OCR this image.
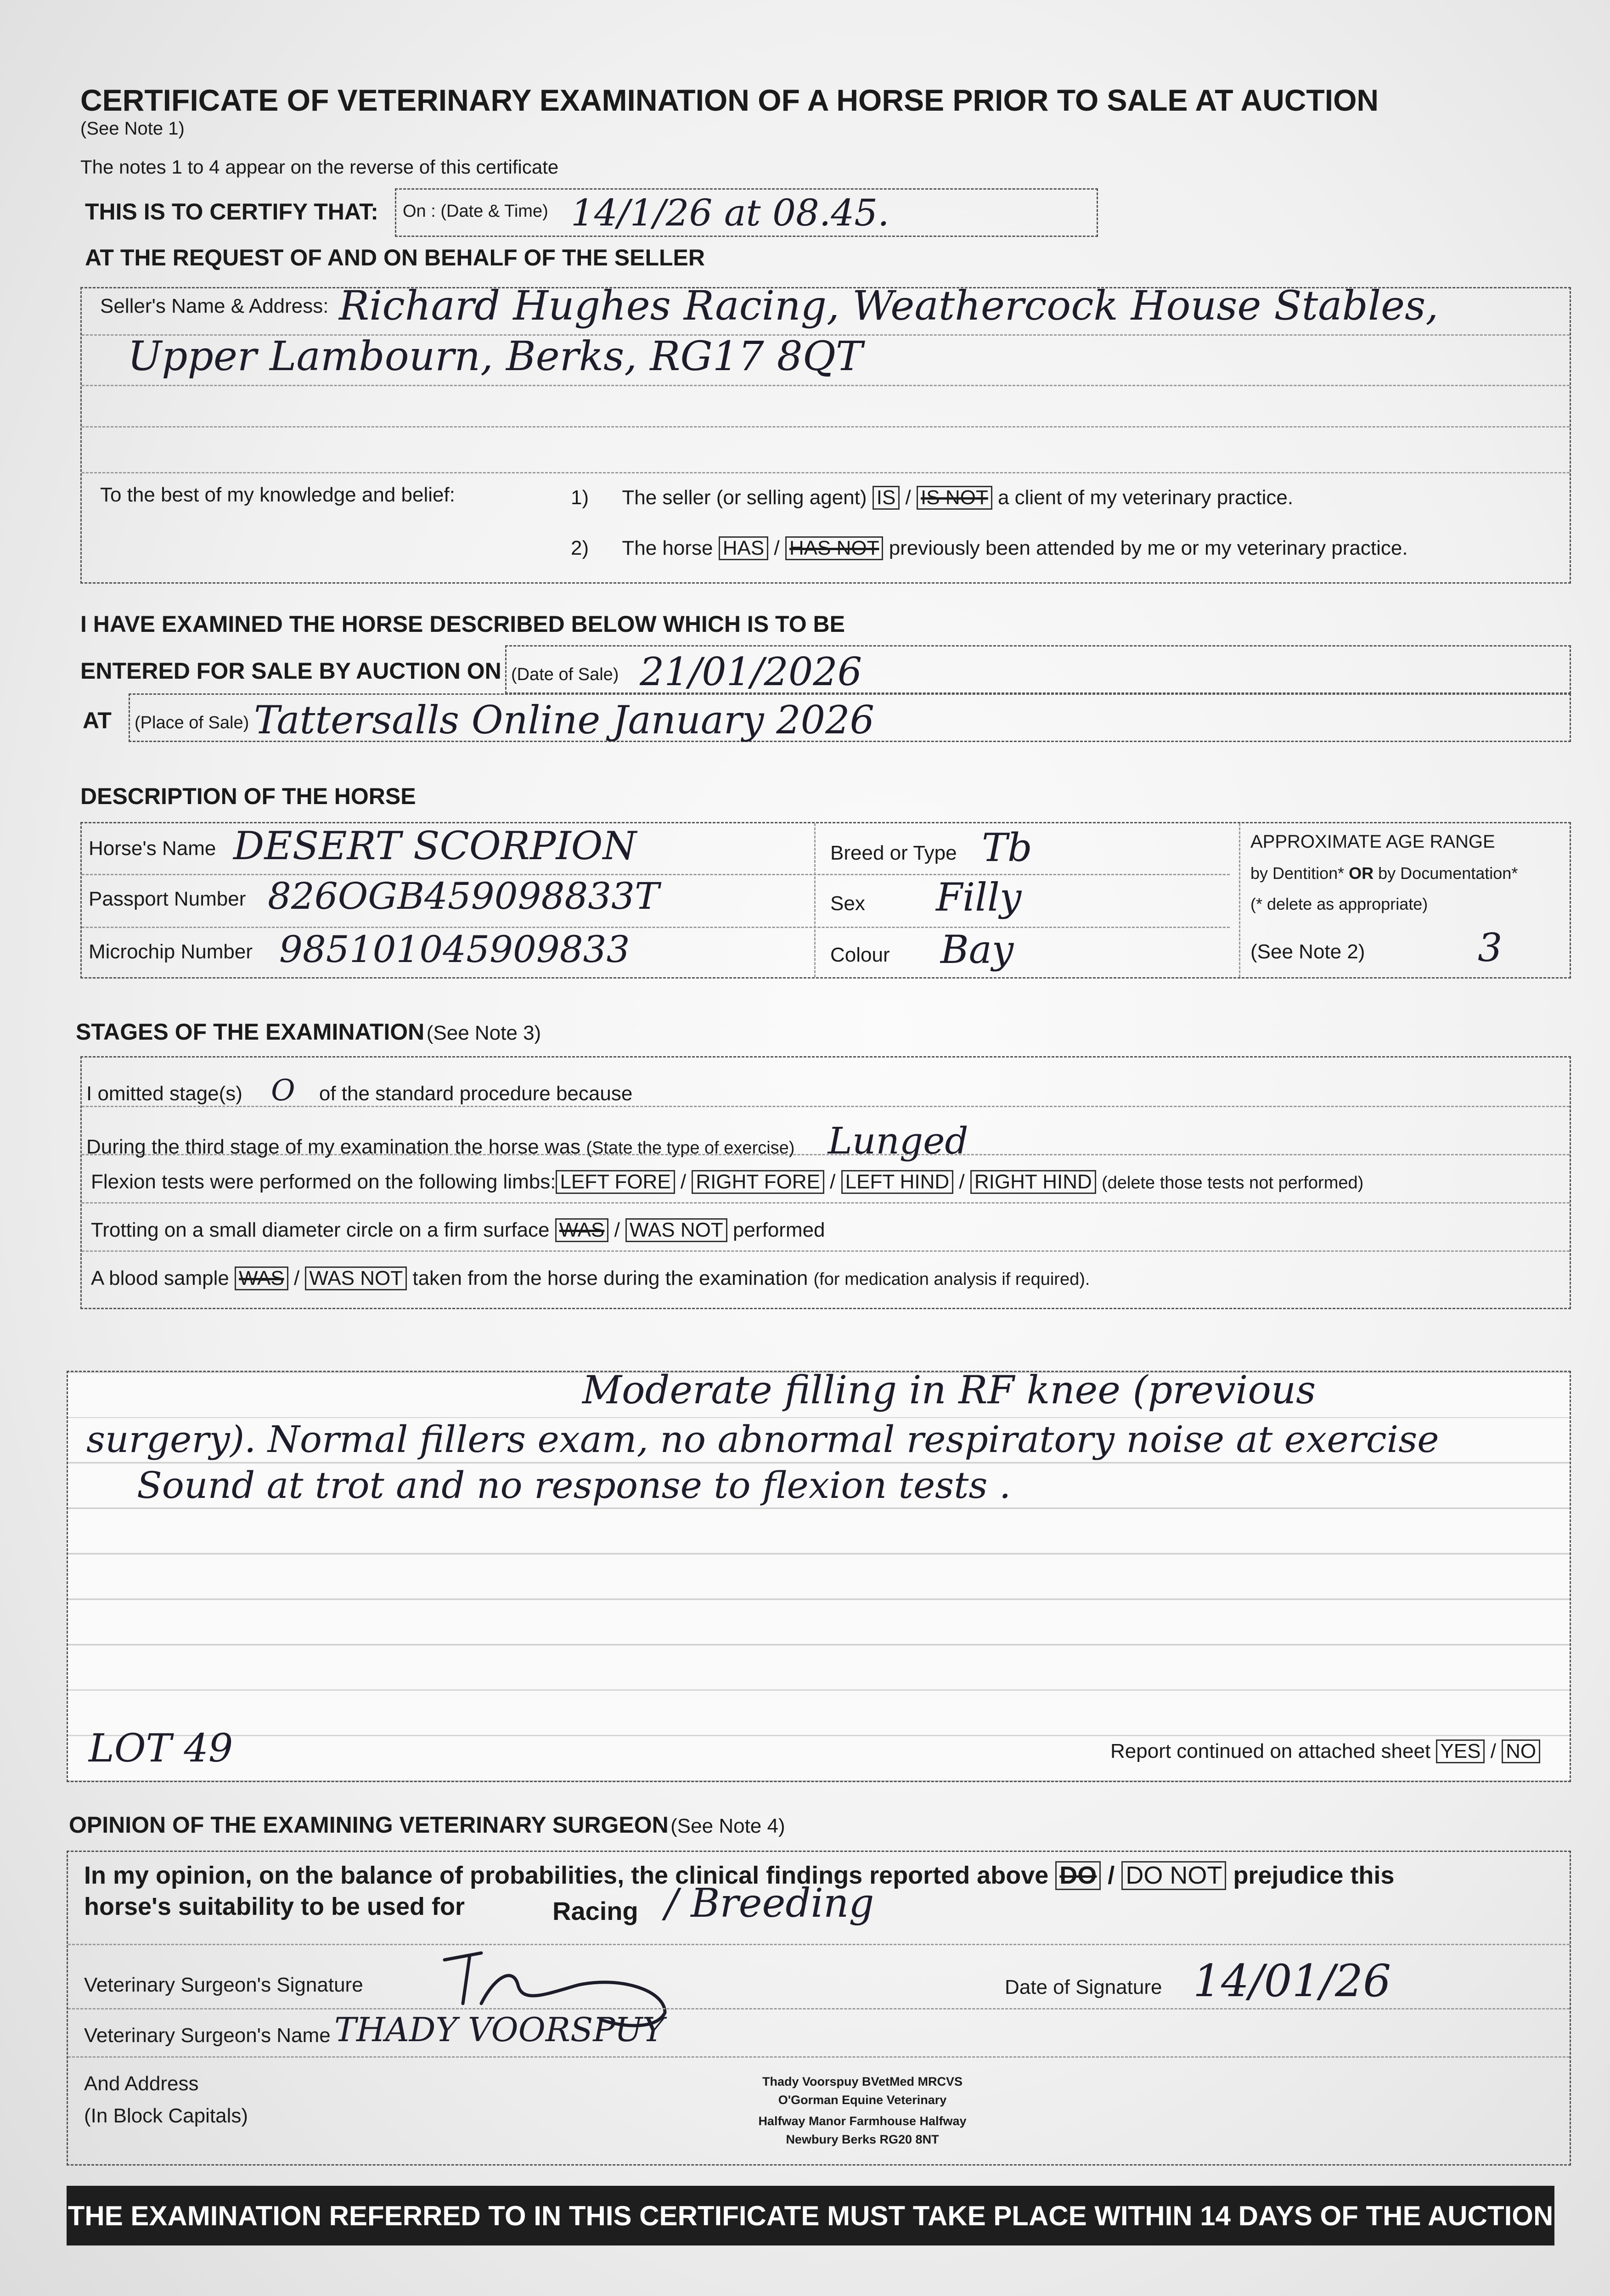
CERTIFICATE OF VETERINARY EXAMINATION OF A HORSE PRIOR TO SALE AT AUCTION
(See Note 1)
The notes 1 to 4 appear on the reverse of this certificate
THIS IS TO CERTIFY THAT: On : (Date & Time) 14/1/26 at 08.45.
AT THE REQUEST OF AND ON BEHALF OF THE SELLER
Seller's Name & Address: Richard Hughes Racing, Weathercock House Stables,
Upper Lambourn, Berks, RG17 8QT
To the best of my knowledge and belief:	1) The seller (or selling agent) IS / IS NOT a client of my veterinary practice.
2) The horse HAS / HAS NOT previously been attended by me or my veterinary practice.
I HAVE EXAMINED THE HORSE DESCRIBED BELOW WHICH IS TO BE
ENTERED FOR SALE BY AUCTION ON (Date of Sale) 21/01/2026
AT (Place of Sale) Tattersalls Online January 2026
DESCRIPTION OF THE HORSE
Horse's Name DESERT SCORPION
Passport Number 826OGB459098833T
Microchip Number 985101045909833
Breed or Type Tb
Sex Filly
Colour Bay
APPROXIMATE AGE RANGE
by Dentition* OR by Documentation*
(* delete as appropriate)
(See Note 2)	3
STAGES OF THE EXAMINATION (See Note 3)
I omitted stage(s) O of the standard procedure because
During the third stage of my examination the horse was (State the type of exercise) Lunged
Flexion tests were performed on the following limbs: LEFT FORE / RIGHT FORE / LEFT HIND / RIGHT HIND (delete those tests not performed)
Trotting on a small diameter circle on a firm surface WAS / WAS NOT performed
A blood sample WAS / WAS NOT taken from the horse during the examination (for medication analysis if required).
Moderate filling in RF knee (previous
surgery). Normal fillers exam, no abnormal respiratory noise at exercise
Sound at trot and no response to flexion tests .
LOT 49	Report continued on attached sheet YES / NO
OPINION OF THE EXAMINING VETERINARY SURGEON (See Note 4)
In my opinion, on the balance of probabilities, the clinical findings reported above DO / DO NOT prejudice this
horse's suitability to be used for	Racing / Breeding
Veterinary Surgeon's Signature	Date of Signature 14/01/26
Veterinary Surgeon's Name THADY VOORSPUY
And Address
(In Block Capitals)
Thady Voorspuy BVetMed MRCVS
O'Gorman Equine Veterinary
Halfway Manor Farmhouse Halfway
Newbury Berks RG20 8NT
THE EXAMINATION REFERRED TO IN THIS CERTIFICATE MUST TAKE PLACE WITHIN 14 DAYS OF THE AUCTION
